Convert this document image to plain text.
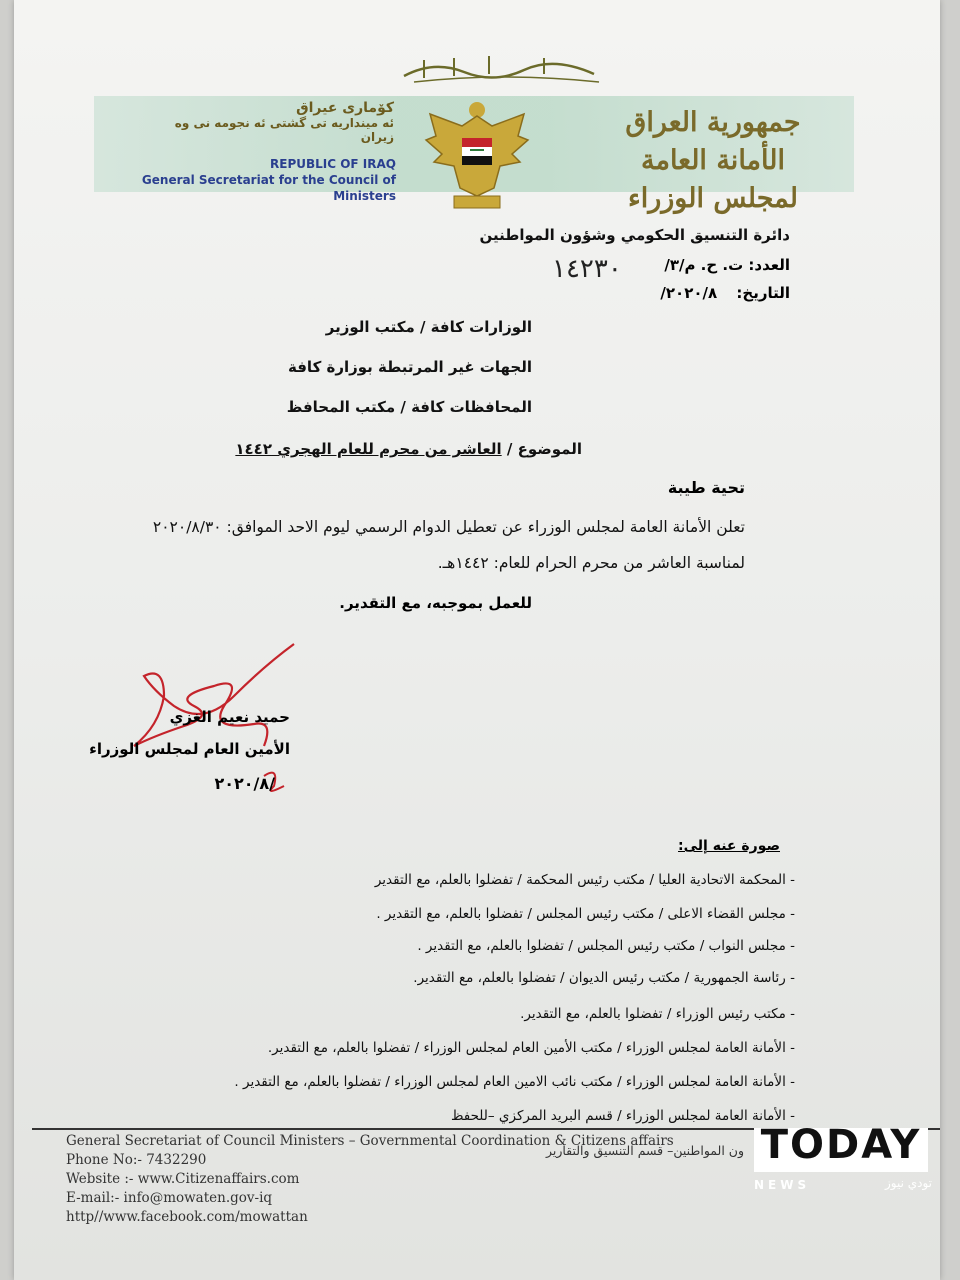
جمهورية العراق
الأمانة العامة لمجلس الوزراء
كۆماری عیراق
ئه مینداریه تی گشتی ئه نجومه نی وه زیران
REPUBLIC OF IRAQ
General Secretariat for the Council of Ministers
دائرة التنسيق الحكومي وشؤون المواطنين
العدد: ت. ح. م/٣/
١٤٢٣٠
التاريخ: ٢٠٢٠/٨/
الوزارات كافة / مكتب الوزير
الجهات غير المرتبطة بوزارة كافة
المحافظات كافة / مكتب المحافظ
الموضوع / العاشر من محرم للعام الهجري ١٤٤٢
تحية طيبة
تعلن الأمانة العامة لمجلس الوزراء عن تعطيل الدوام الرسمي ليوم الاحد الموافق: ٢٠٢٠/٨/٣٠
لمناسبة العاشر من محرم الحرام للعام: ١٤٤٢هـ.
للعمل بموجبه، مع التقدير.
حميد نعيم الغزي
الأمين العام لمجلس الوزراء
٢٠٢٠/٨/
صورة عنه إلى:
- المحكمة الاتحادية العليا / مكتب رئيس المحكمة / تفضلوا بالعلم، مع التقدير
- مجلس القضاء الاعلى / مكتب رئيس المجلس / تفضلوا بالعلم، مع التقدير .
- مجلس النواب / مكتب رئيس المجلس / تفضلوا بالعلم، مع التقدير .
- رئاسة الجمهورية / مكتب رئيس الديوان / تفضلوا بالعلم، مع التقدير.
- مكتب رئيس الوزراء / تفضلوا بالعلم، مع التقدير.
- الأمانة العامة لمجلس الوزراء / مكتب الأمين العام لمجلس الوزراء / تفضلوا بالعلم، مع التقدير.
- الأمانة العامة لمجلس الوزراء / مكتب نائب الامين العام لمجلس الوزراء / تفضلوا بالعلم، مع التقدير .
- الأمانة العامة لمجلس الوزراء / قسم البريد المركزي –للحفظ
General Secretariat of Council Ministers – Governmental Coordination & Citizens affairs
Phone No:- 7432290
Website :- www.Citizenaffairs.com
E-mail:- info@mowaten.gov-iq
http//www.facebook.com/mowattan
ون المواطنين– قسم التنسيق والتقارير TODAY
NEWS	تودي نيوز
